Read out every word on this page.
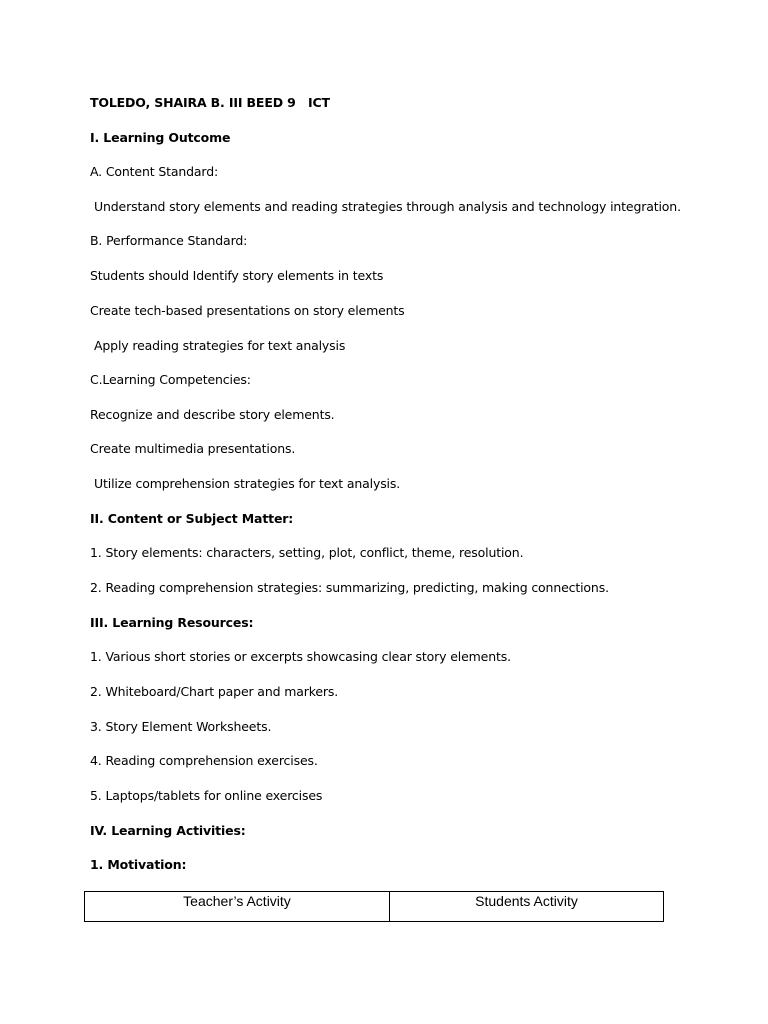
TOLEDO, SHAIRA B. III BEED 9 ICT
I. Learning Outcome
A. Content Standard:
Understand story elements and reading strategies through analysis and technology integration.
B. Performance Standard:
Students should Identify story elements in texts
Create tech-based presentations on story elements
Apply reading strategies for text analysis
C.Learning Competencies:
Recognize and describe story elements.
Create multimedia presentations.
Utilize comprehension strategies for text analysis.
II. Content or Subject Matter:
1. Story elements: characters, setting, plot, conflict, theme, resolution.
2. Reading comprehension strategies: summarizing, predicting, making connections.
III. Learning Resources:
1. Various short stories or excerpts showcasing clear story elements.
2. Whiteboard/Chart paper and markers.
3. Story Element Worksheets.
4. Reading comprehension exercises.
5. Laptops/tablets for online exercises
IV. Learning Activities:
1. Motivation:
Teacher’s Activity	Students Activity
